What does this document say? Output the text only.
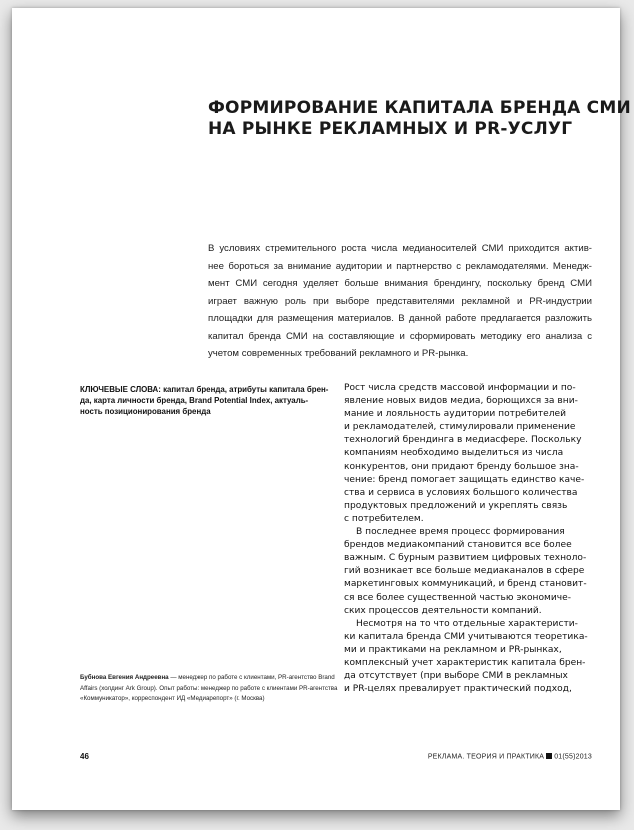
ФОРМИРОВАНИЕ КАПИТАЛА БРЕНДА СМИ
НА РЫНКЕ РЕКЛАМНЫХ И PR-УСЛУГ

В условиях стремительного роста числа медианосителей СМИ приходится актив-
нее бороться за внимание аудитории и партнерство с рекламодателями. Менедж-
мент СМИ сегодня уделяет больше внимания брендингу, поскольку бренд СМИ
играет важную роль при выборе представителями рекламной и PR-индустрии
площадки для размещения материалов. В данной работе предлагается разложить
капитал бренда СМИ на составляющие и сформировать методику его анализа с
учетом современных требований рекламного и PR-рынка.

КЛЮЧЕВЫЕ СЛОВА: капитал бренда, атрибуты капитала брен-
да, карта личности бренда, Brand Potential Index, актуаль-
ность позиционирования бренда

Бубнова Евгения Андреевна — менеджер по работе с клиентами, PR-агентство Brand
Affairs (холдинг Ark Group). Опыт работы: менеджер по работе с клиентами PR-агентства
«Коммуникатор», корреспондент ИД «Медиарепорт» (г. Москва)

Рост числа средств массовой информации и по-
явление новых видов медиа, борющихся за вни-
мание и лояльность аудитории потребителей
и рекламодателей, стимулировали применение
технологий брендинга в медиасфере. Поскольку
компаниям необходимо выделиться из числа
конкурентов, они придают бренду большое зна-
чение: бренд помогает защищать единство каче-
ства и сервиса в условиях большого количества
продуктовых предложений и укреплять связь
с потребителем.
В последнее время процесс формирования
брендов медиакомпаний становится все более
важным. С бурным развитием цифровых техноло-
гий возникает все больше медиаканалов в сфере
маркетинговых коммуникаций, и бренд становит-
ся все более существенной частью экономиче-
ских процессов деятельности компаний.
Несмотря на то что отдельные характеристи-
ки капитала бренда СМИ учитываются теоретика-
ми и практиками на рекламном и PR-рынках,
комплексный учет характеристик капитала брен-
да отсутствует (при выборе СМИ в рекламных
и PR-целях превалирует практический подход,

46	РЕКЛАМА. ТЕОРИЯ И ПРАКТИКА 01(55)2013
